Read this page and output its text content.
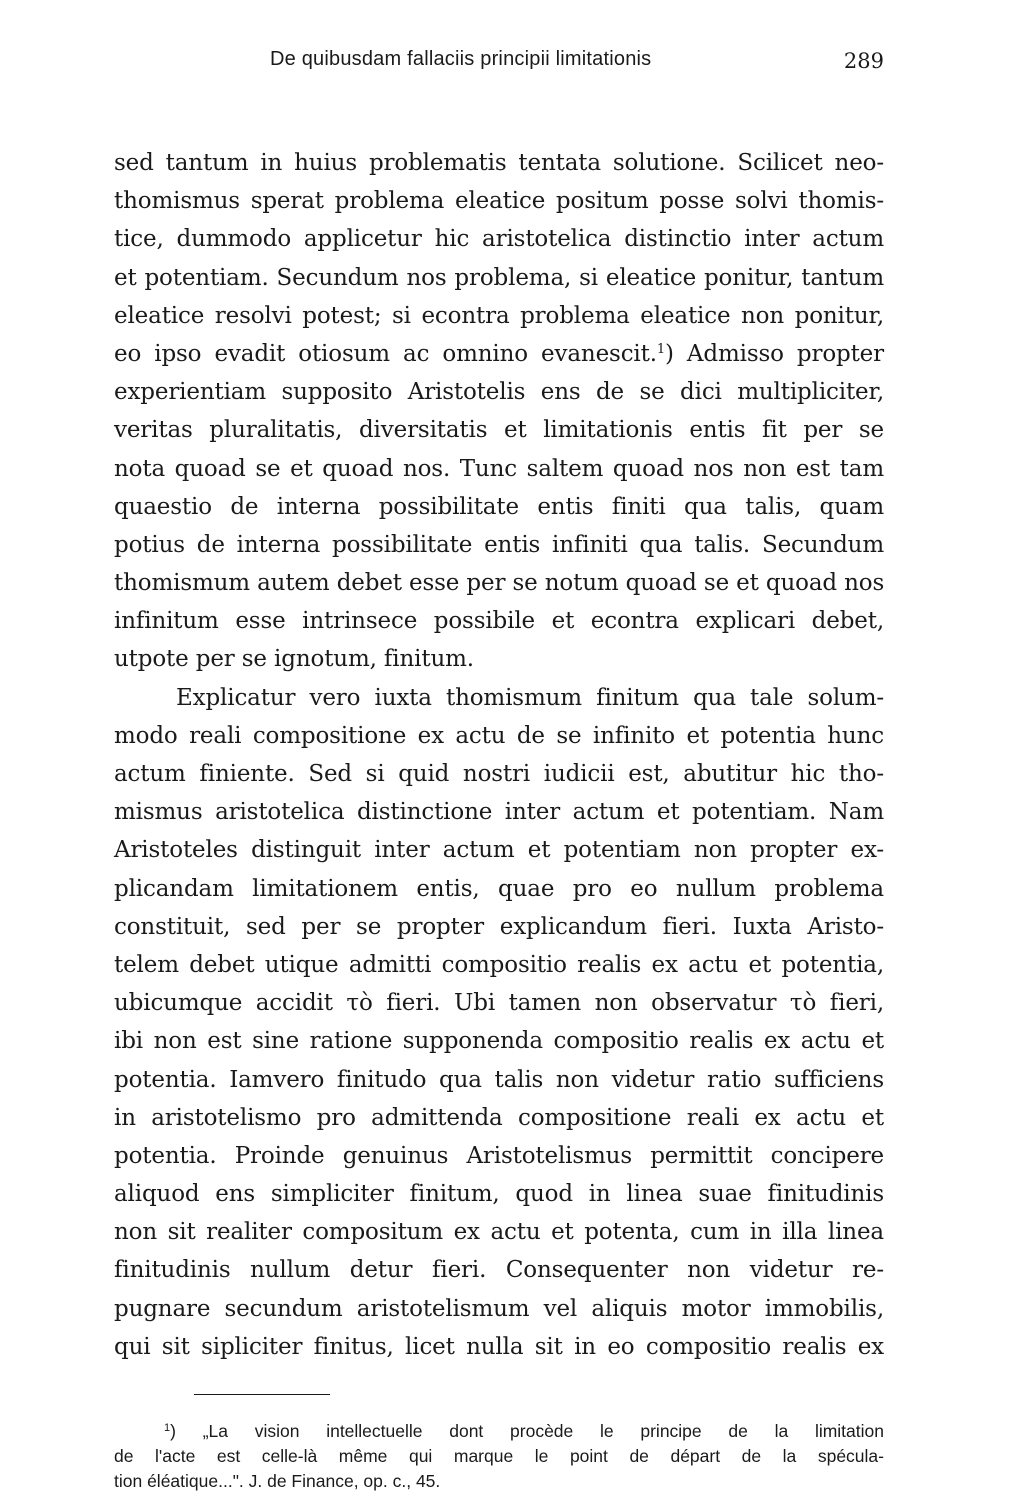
De quibusdam fallaciis principii limitationis	289
sed tantum in huius problematis tentata solutione. Scilicet neo-
thomismus sperat problema eleatice positum posse solvi thomis-
tice, dummodo applicetur hic aristotelica distinctio inter actum
et potentiam. Secundum nos problema, si eleatice ponitur, tantum
eleatice resolvi potest; si econtra problema eleatice non ponitur,
eo ipso evadit otiosum ac omnino evanescit.$^1$) Admisso propter
experientiam supposito Aristotelis ens de se dici multipliciter,
veritas pluralitatis, diversitatis et limitationis entis fit per se
nota quoad se et quoad nos. Tunc saltem quoad nos non est tam
quaestio de interna possibilitate entis finiti qua talis, quam
potius de interna possibilitate entis infiniti qua talis. Secundum
thomismum autem debet esse per se notum quoad se et quoad nos
infinitum esse intrinsece possibile et econtra explicari debet,
utpote per se ignotum, finitum.
Explicatur vero iuxta thomismum finitum qua tale solum-
modo reali compositione ex actu de se infinito et potentia hunc
actum finiente. Sed si quid nostri iudicii est, abutitur hic tho-
mismus aristotelica distinctione inter actum et potentiam. Nam
Aristoteles distinguit inter actum et potentiam non propter ex-
plicandam limitationem entis, quae pro eo nullum problema
constituit, sed per se propter explicandum fieri. Iuxta Aristo-
telem debet utique admitti compositio realis ex actu et potentia,
ubicumque accidit τὸ fieri. Ubi tamen non observatur τὸ fieri,
ibi non est sine ratione supponenda compositio realis ex actu et
potentia. Iamvero finitudo qua talis non videtur ratio sufficiens
in aristotelismo pro admittenda compositione reali ex actu et
potentia. Proinde genuinus Aristotelismus permittit concipere
aliquod ens simpliciter finitum, quod in linea suae finitudinis
non sit realiter compositum ex actu et potenta, cum in illa linea
finitudinis nullum detur fieri. Consequenter non videtur re-
pugnare secundum aristotelismum vel aliquis motor immobilis,
qui sit sipliciter finitus, licet nulla sit in eo compositio realis ex
$^1$) „La vision intellectuelle dont procède le principe de la limitation
de l'acte est celle-là même qui marque le point de départ de la spécula-
tion éléatique...". J. de Finance, op. c., 45.
